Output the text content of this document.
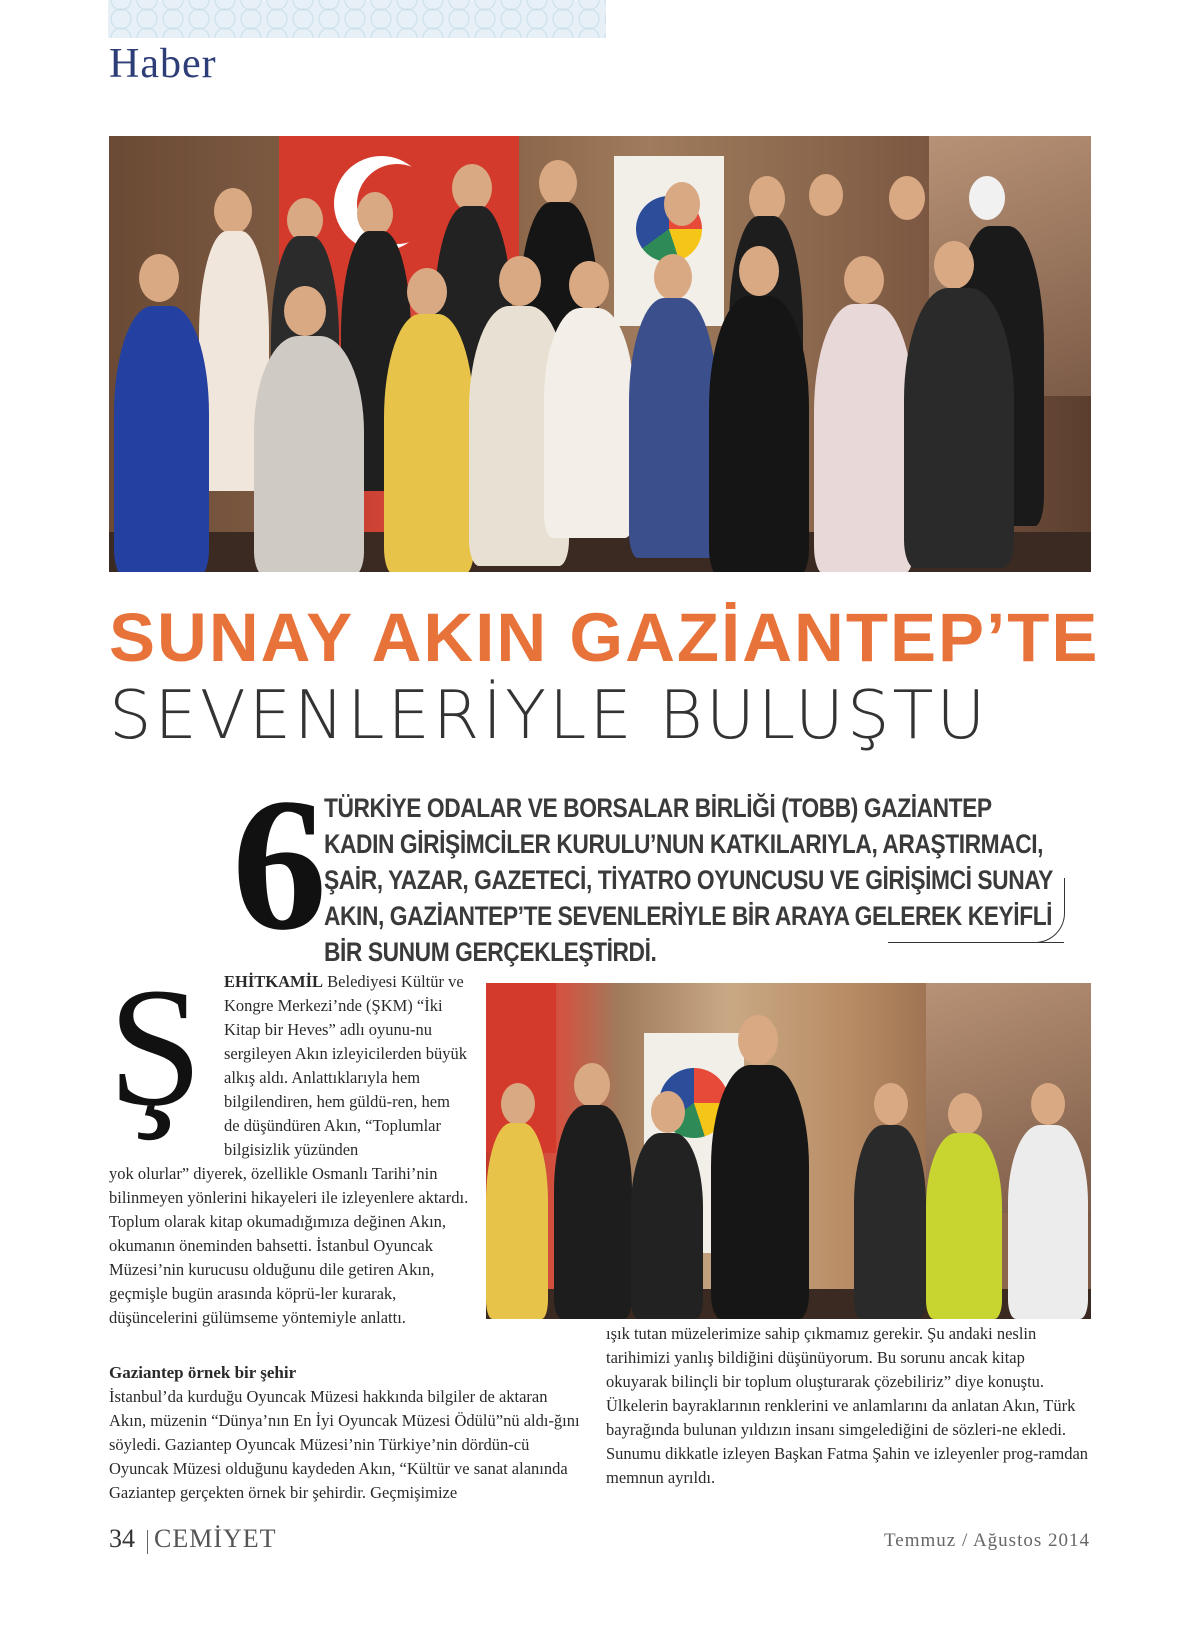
Haber
SUNAY AKIN GAZİANTEP’TE
SEVENLERİYLE BULUŞTU
6
TÜRKİYE ODALAR VE BORSALAR BİRLİĞİ (TOBB) GAZİANTEP KADIN GİRİŞİMCİLER KURULU’NUN KATKILARIYLA, ARAŞTIRMACI, ŞAİR, YAZAR, GAZETECİ, TİYATRO OYUNCUSU VE GİRİŞİMCİ SUNAY AKIN, GAZİANTEP’TE SEVENLERİYLE BİR ARAYA GELEREK KEYİFLİ BİR SUNUM GERÇEKLEŞTİRDİ.
Ş EHİTKAMİL Belediyesi Kültür ve Kongre Merkezi’nde (ŞKM) “İki Kitap bir Heves” adlı oyunu-nu sergileyen Akın izleyicilerden büyük alkış aldı. Anlattıklarıyla hem bilgilendiren, hem güldü-ren, hem de düşündüren Akın, “Toplumlar bilgisizlik yüzünden
yok olurlar” diyerek, özellikle Osmanlı Tarihi’nin bilinmeyen yönlerini hikayeleri ile izleyenlere aktardı. Toplum olarak kitap okumadığımıza değinen Akın, okumanın öneminden bahsetti. İstanbul Oyuncak Müzesi’nin kurucusu olduğunu dile getiren Akın, geçmişle bugün arasında köprü-ler kurarak, düşüncelerini gülümseme yöntemiyle anlattı.
Gaziantep örnek bir şehir
İstanbul’da kurduğu Oyuncak Müzesi hakkında bilgiler de aktaran Akın, müzenin “Dünya’nın En İyi Oyuncak Müzesi Ödülü”nü aldı-ğını söyledi. Gaziantep Oyuncak Müzesi’nin Türkiye’nin dördün-cü Oyuncak Müzesi olduğunu kaydeden Akın, “Kültür ve sanat alanında Gaziantep gerçekten örnek bir şehirdir. Geçmişimize
ışık tutan müzelerimize sahip çıkmamız gerekir. Şu andaki neslin tarihimizi yanlış bildiğini düşünüyorum. Bu sorunu ancak kitap okuyarak bilinçli bir toplum oluşturarak çözebiliriz” diye konuştu. Ülkelerin bayraklarının renklerini ve anlamlarını da anlatan Akın, Türk bayrağında bulunan yıldızın insanı simgelediğini de sözleri-ne ekledi.
Sunumu dikkatle izleyen Başkan Fatma Şahin ve izleyenler prog-ramdan memnun ayrıldı.
34 CEMİYET	Temmuz / Ağustos 2014
